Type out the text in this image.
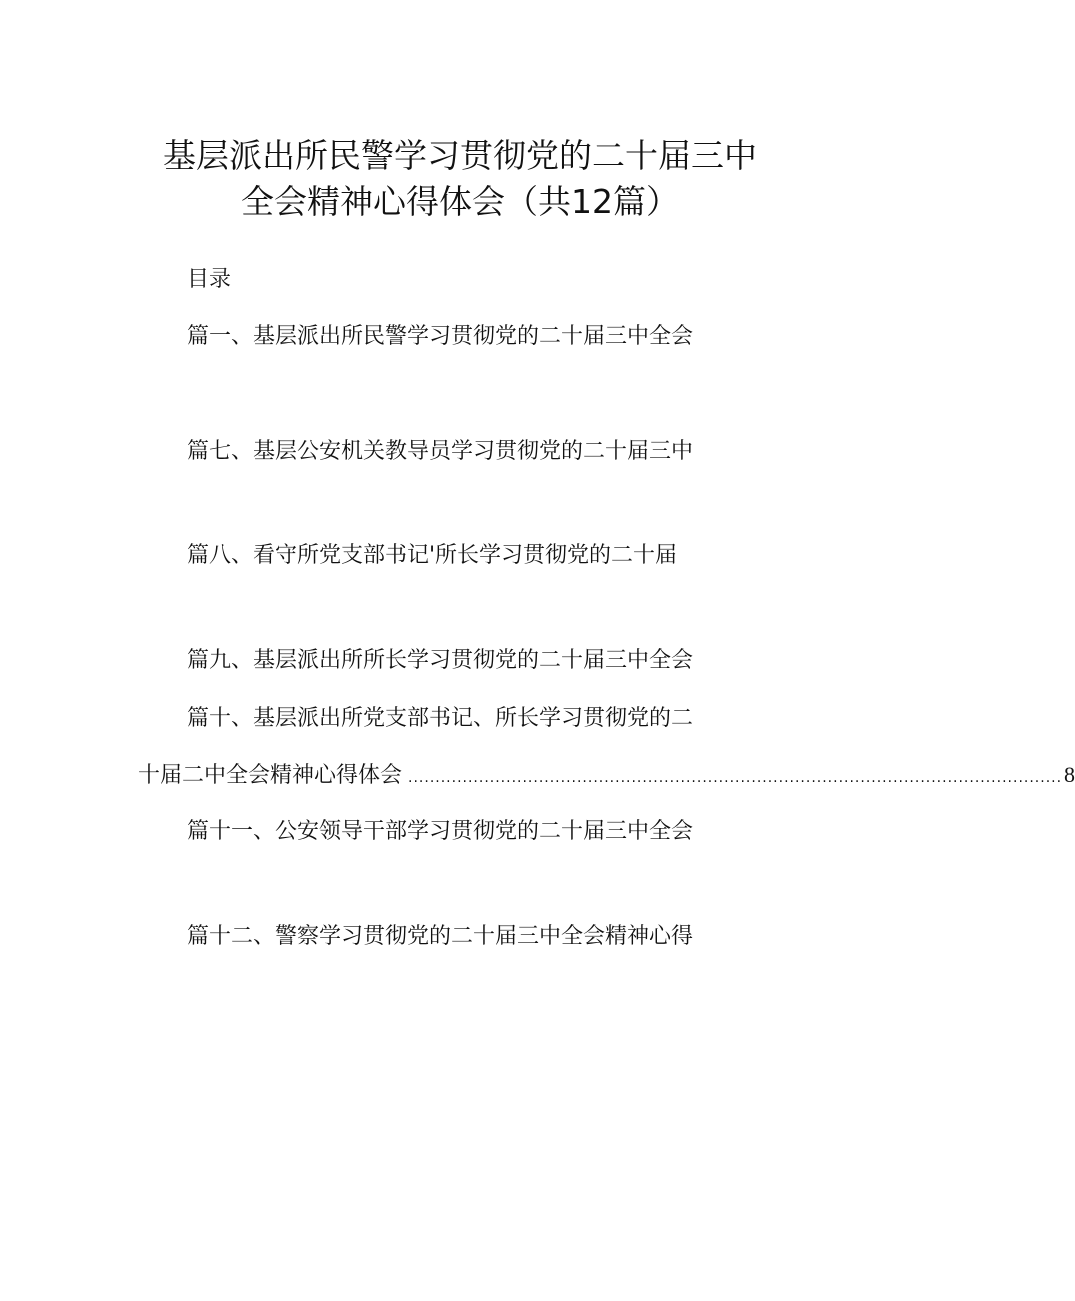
基层派出所民警学习贯彻党的二十届三中
全会精神心得体会（共12篇）
目录
篇一、基层派出所民警学习贯彻党的二十届三中全会
篇七、基层公安机关教导员学习贯彻党的二十届三中
篇八、看守所党支部书记'所长学习贯彻党的二十届
篇九、基层派出所所长学习贯彻党的二十届三中全会
篇十、基层派出所党支部书记、所长学习贯彻党的二
十届二中全会精神心得体会 ........................................................................................................................ 8
篇十一、公安领导干部学习贯彻党的二十届三中全会
篇十二、警察学习贯彻党的二十届三中全会精神心得
